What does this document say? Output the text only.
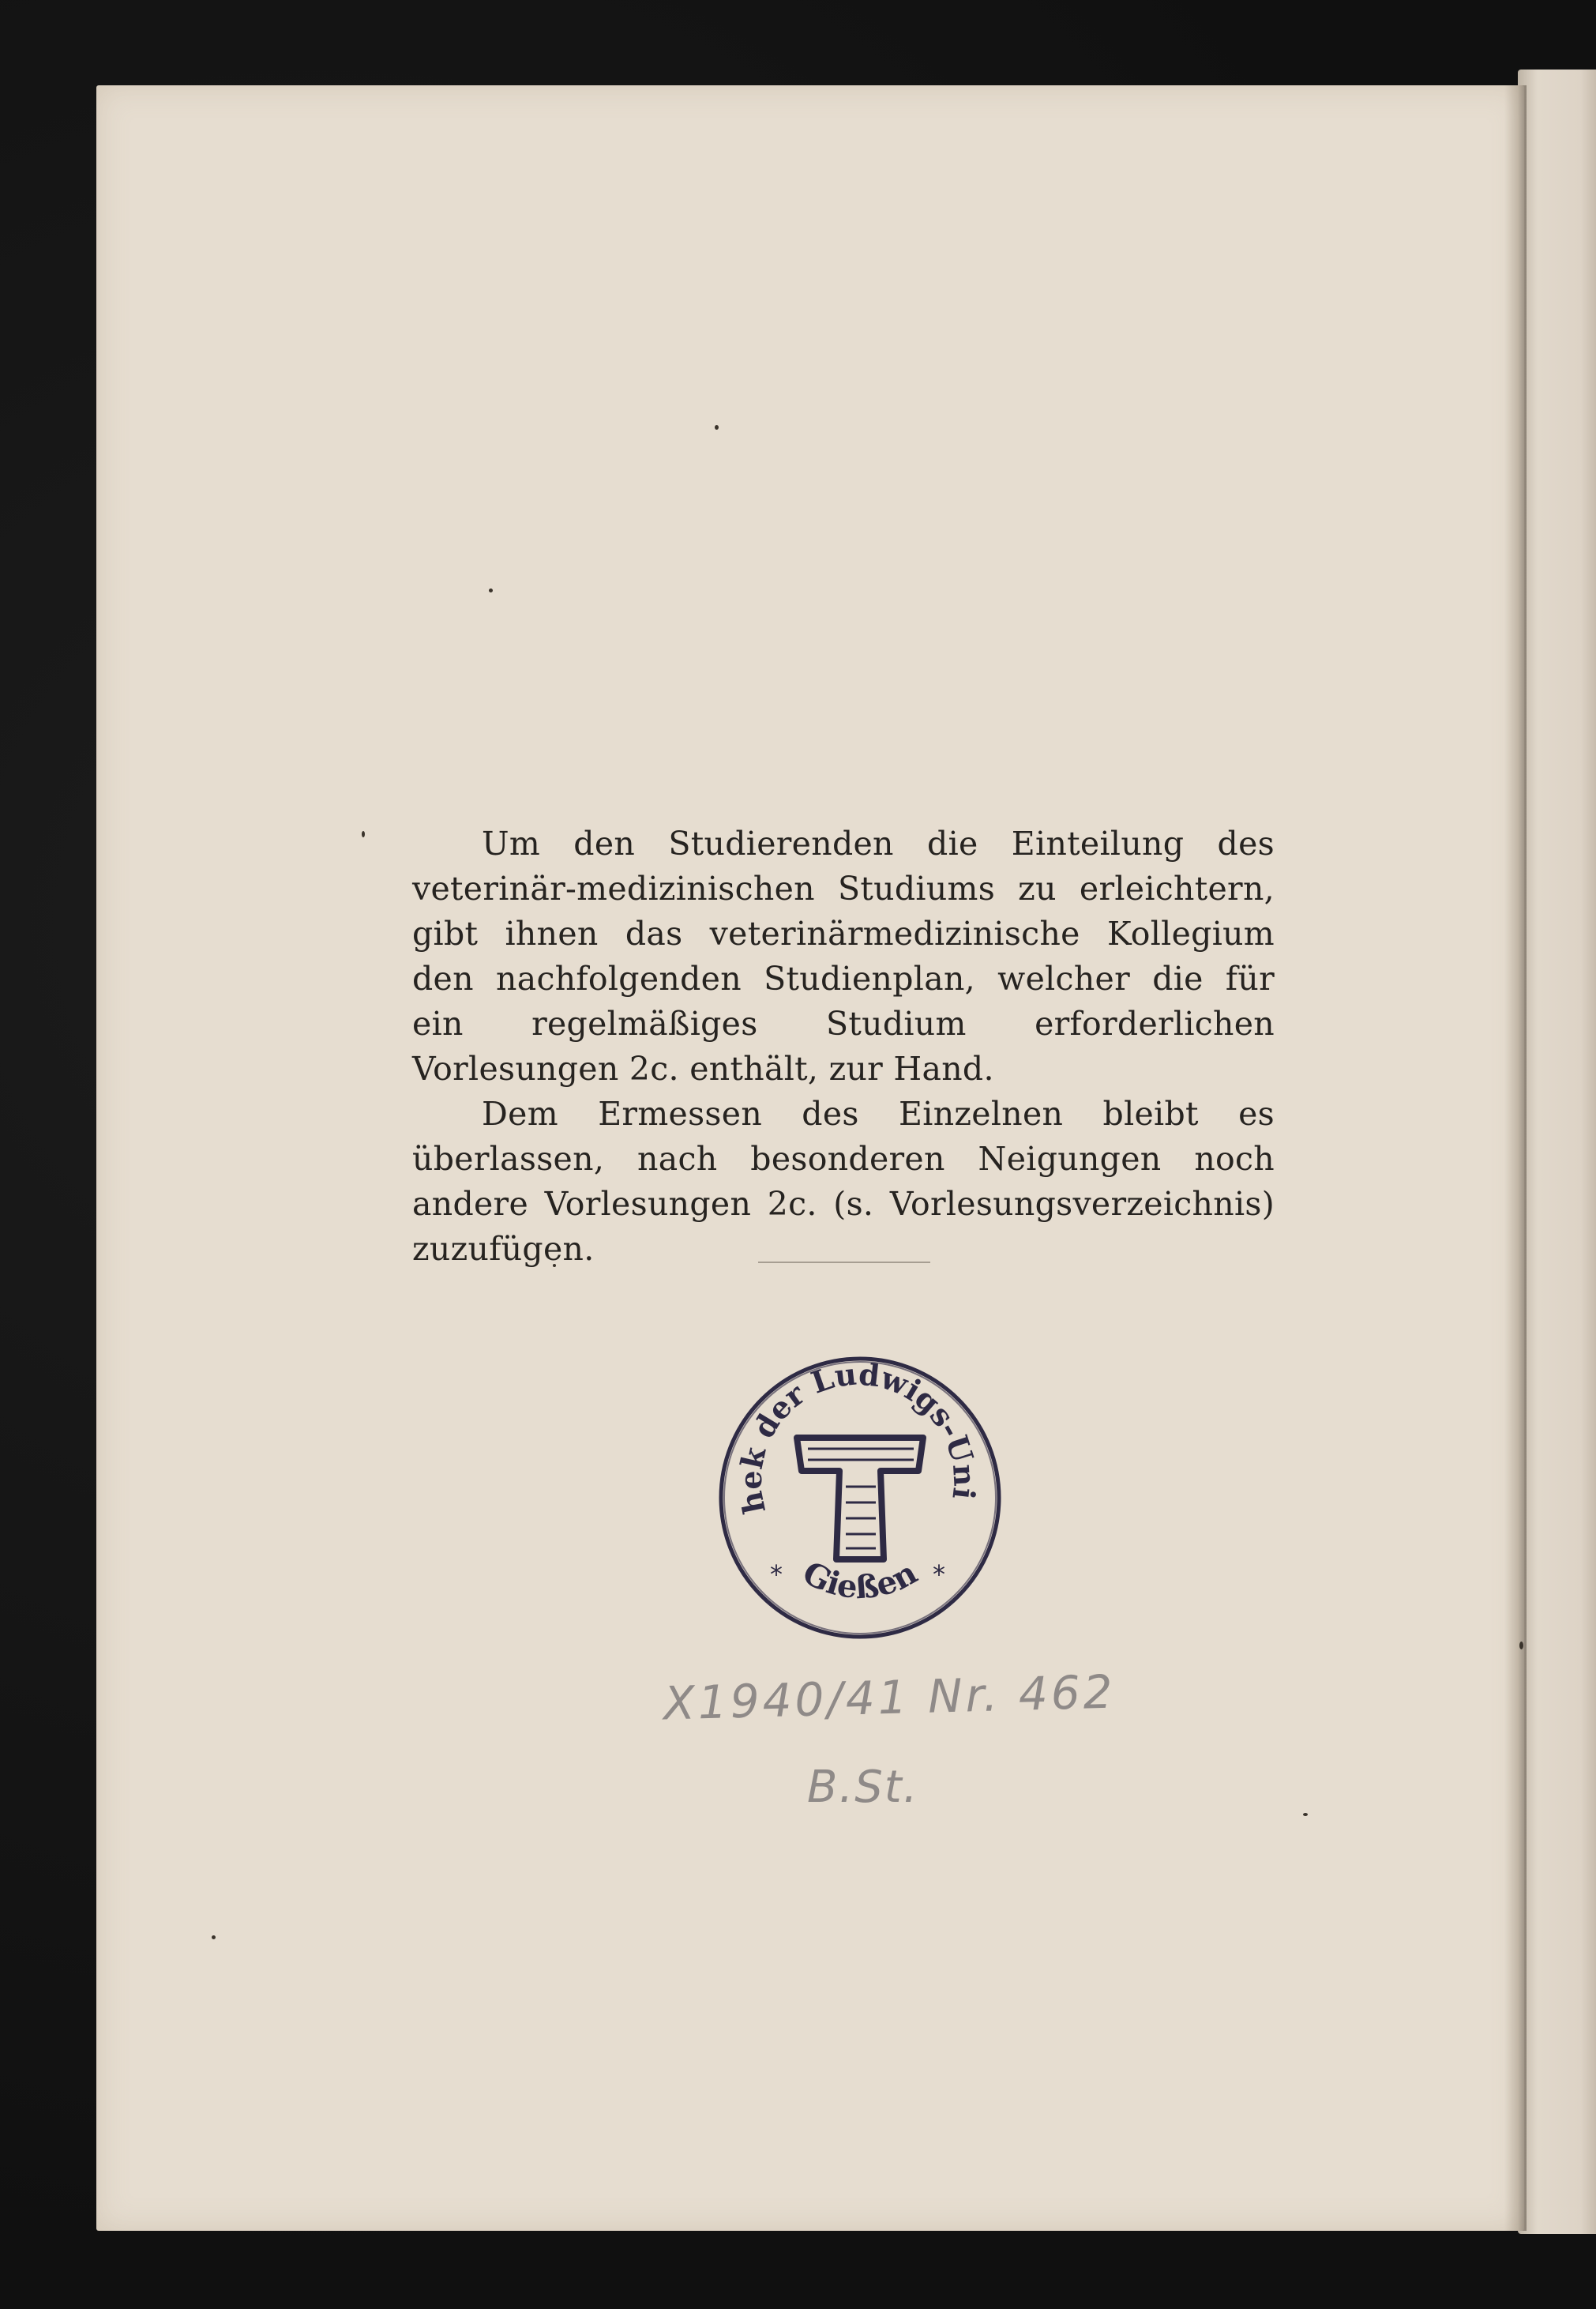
Um den Studierenden die Einteilung des veterinär-medizinischen Studiums zu erleichtern, gibt ihnen das veterinärmedizinische Kollegium den nachfolgenden Studienplan, welcher die für ein regelmäßiges Studium erforderlichen Vorlesungen 2c. enthält, zur Hand.

Dem Ermessen des Einzelnen bleibt es überlassen, nach besonderen Neigungen noch andere Vorlesungen 2c. (s. Vorlesungsverzeichnis) zuzufügen.

hek der Ludwigs-Uni
Gießen
*	*
X1940/41 Nr. 462
B.St.
